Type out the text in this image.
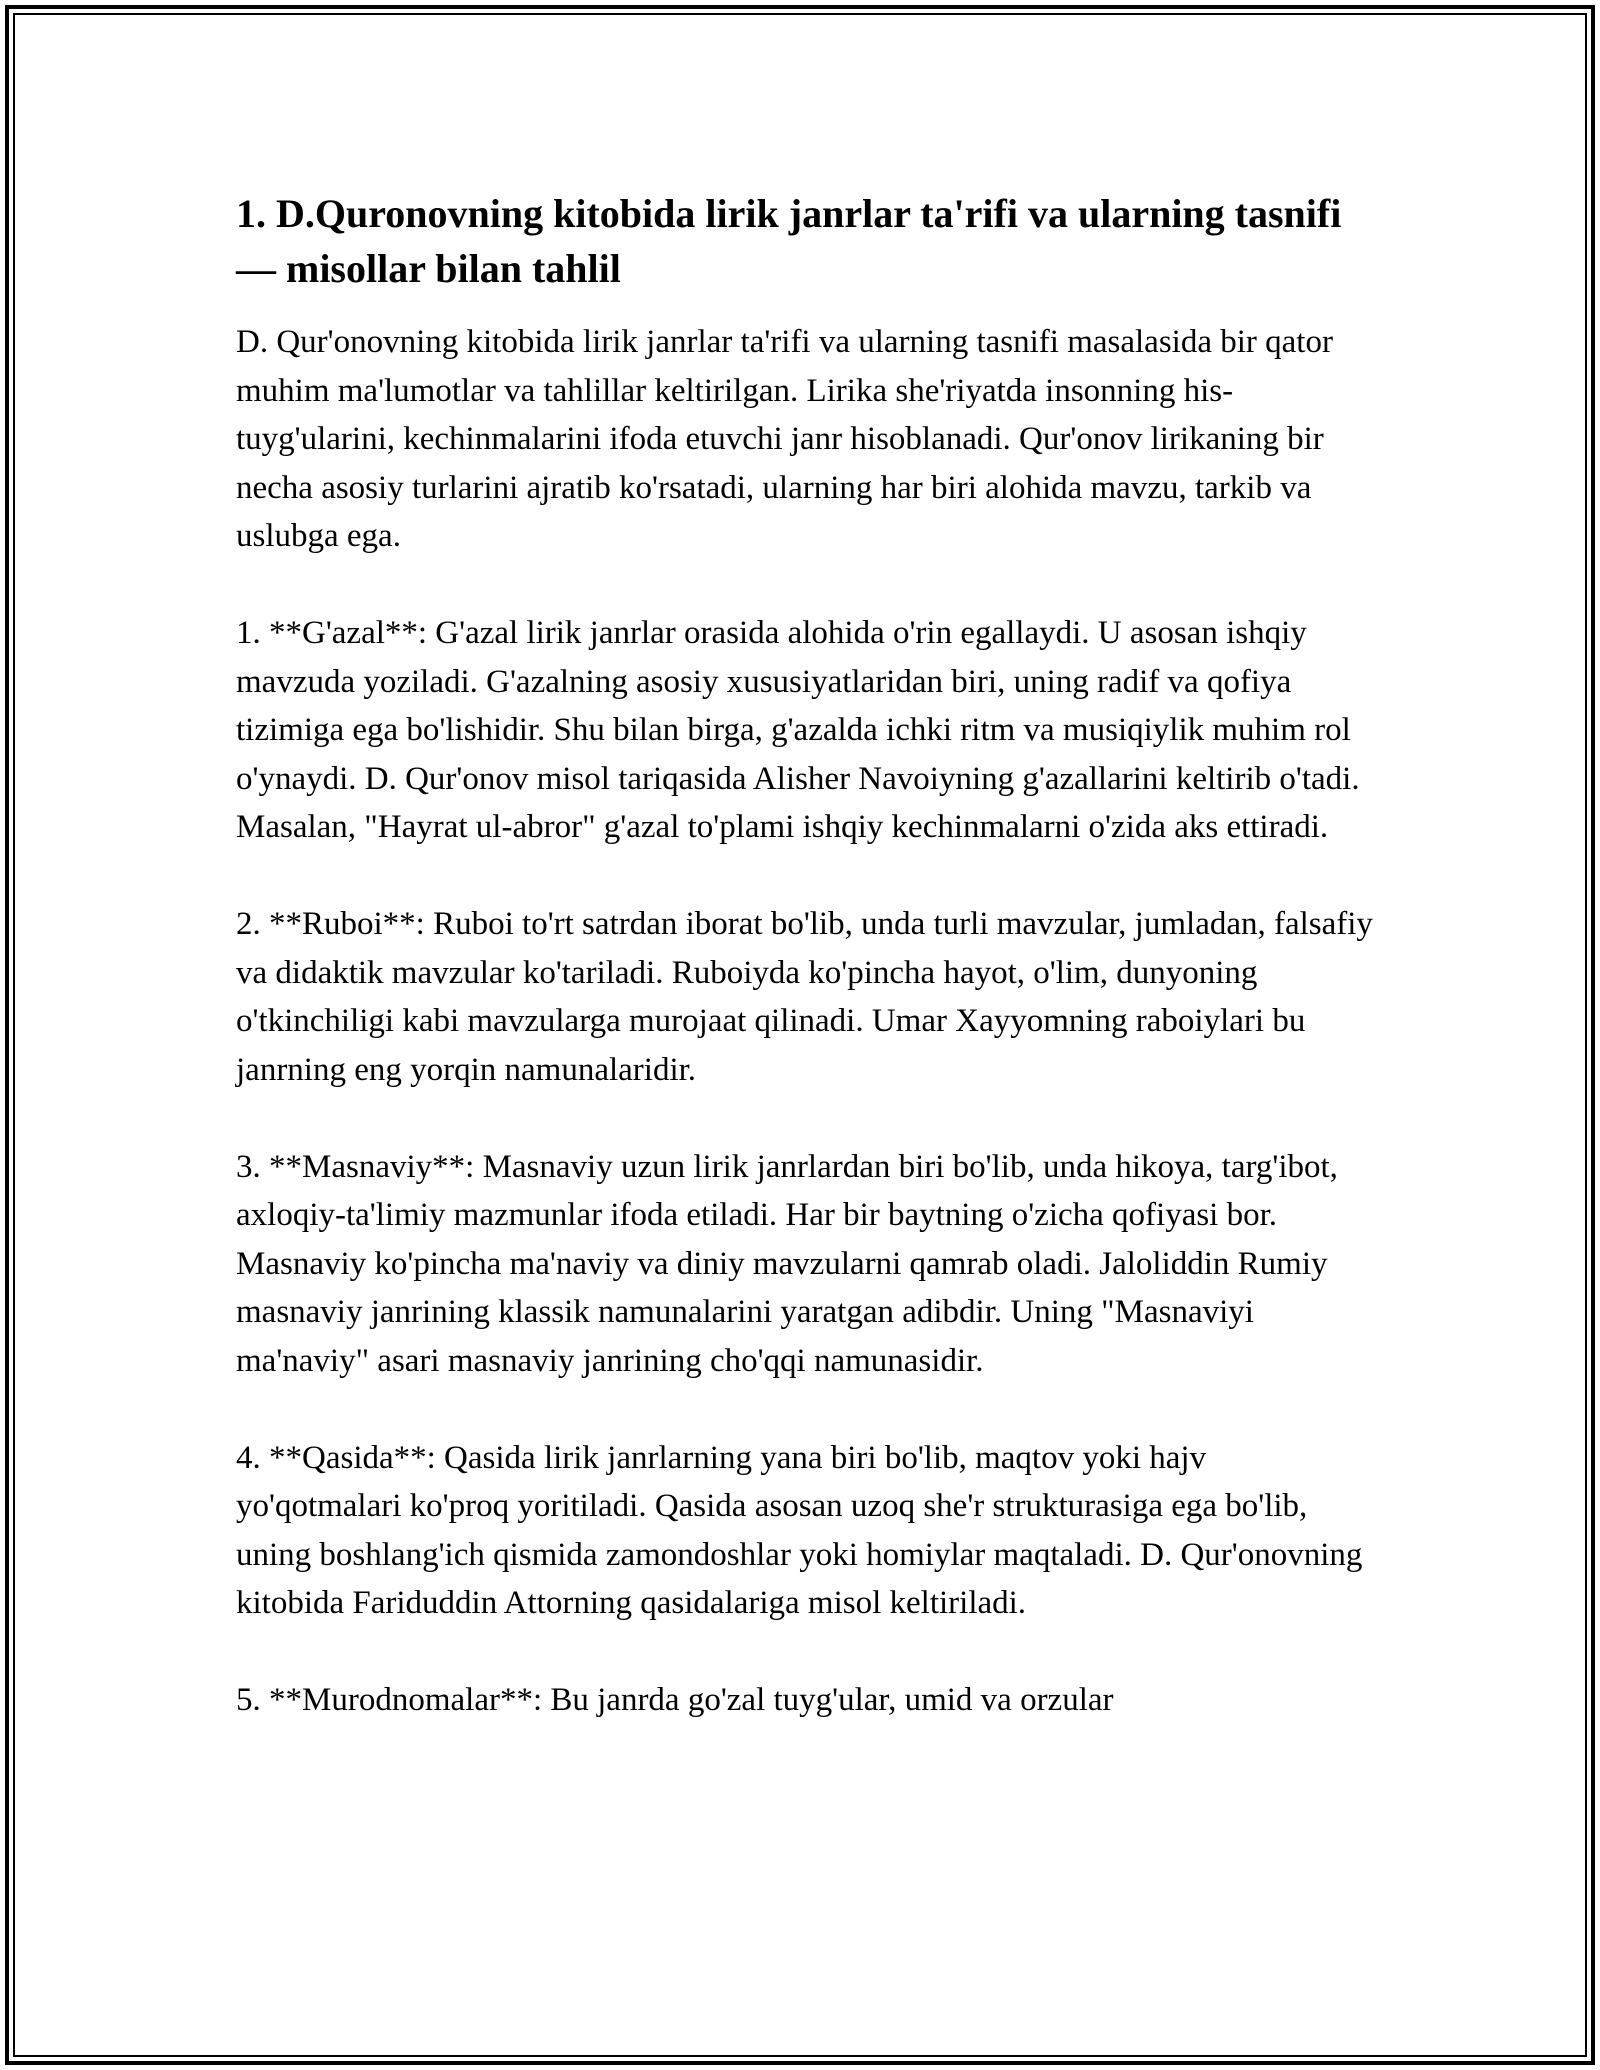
1. D.Quronovning kitobida lirik janrlar ta'rifi va ularning tasnifi — misollar bilan tahlil

D. Qur'onovning kitobida lirik janrlar ta'rifi va ularning tasnifi masalasida bir qator muhim ma'lumotlar va tahlillar keltirilgan. Lirika she'riyatda insonning his-tuyg'ularini, kechinmalarini ifoda etuvchi janr hisoblanadi. Qur'onov lirikaning bir necha asosiy turlarini ajratib ko'rsatadi, ularning har biri alohida mavzu, tarkib va uslubga ega.

1. **G'azal**: G'azal lirik janrlar orasida alohida o'rin egallaydi. U asosan ishqiy mavzuda yoziladi. G'azalning asosiy xususiyatlaridan biri, uning radif va qofiya tizimiga ega bo'lishidir. Shu bilan birga, g'azalda ichki ritm va musiqiylik muhim rol o'ynaydi. D. Qur'onov misol tariqasida Alisher Navoiyning g'azallarini keltirib o'tadi. Masalan, "Hayrat ul-abror" g'azal to'plami ishqiy kechinmalarni o'zida aks ettiradi.

2. **Ruboi**: Ruboi to'rt satrdan iborat bo'lib, unda turli mavzular, jumladan, falsafiy va didaktik mavzular ko'tariladi. Ruboiyda ko'pincha hayot, o'lim, dunyoning o'tkinchiligi kabi mavzularga murojaat qilinadi. Umar Xayyomning raboiylari bu janrning eng yorqin namunalaridir.

3. **Masnaviy**: Masnaviy uzun lirik janrlardan biri bo'lib, unda hikoya, targ'ibot, axloqiy-ta'limiy mazmunlar ifoda etiladi. Har bir baytning o'zicha qofiyasi bor. Masnaviy ko'pincha ma'naviy va diniy mavzularni qamrab oladi. Jaloliddin Rumiy masnaviy janrining klassik namunalarini yaratgan adibdir. Uning "Masnaviyi ma'naviy" asari masnaviy janrining cho'qqi namunasidir.

4. **Qasida**: Qasida lirik janrlarning yana biri bo'lib, maqtov yoki hajv yo'qotmalari ko'proq yoritiladi. Qasida asosan uzoq she'r strukturasiga ega bo'lib, uning boshlang'ich qismida zamondoshlar yoki homiylar maqtaladi. D. Qur'onovning kitobida Fariduddin Attorning qasidalariga misol keltiriladi.

5. **Murodnomalar**: Bu janrda go'zal tuyg'ular, umid va orzular
